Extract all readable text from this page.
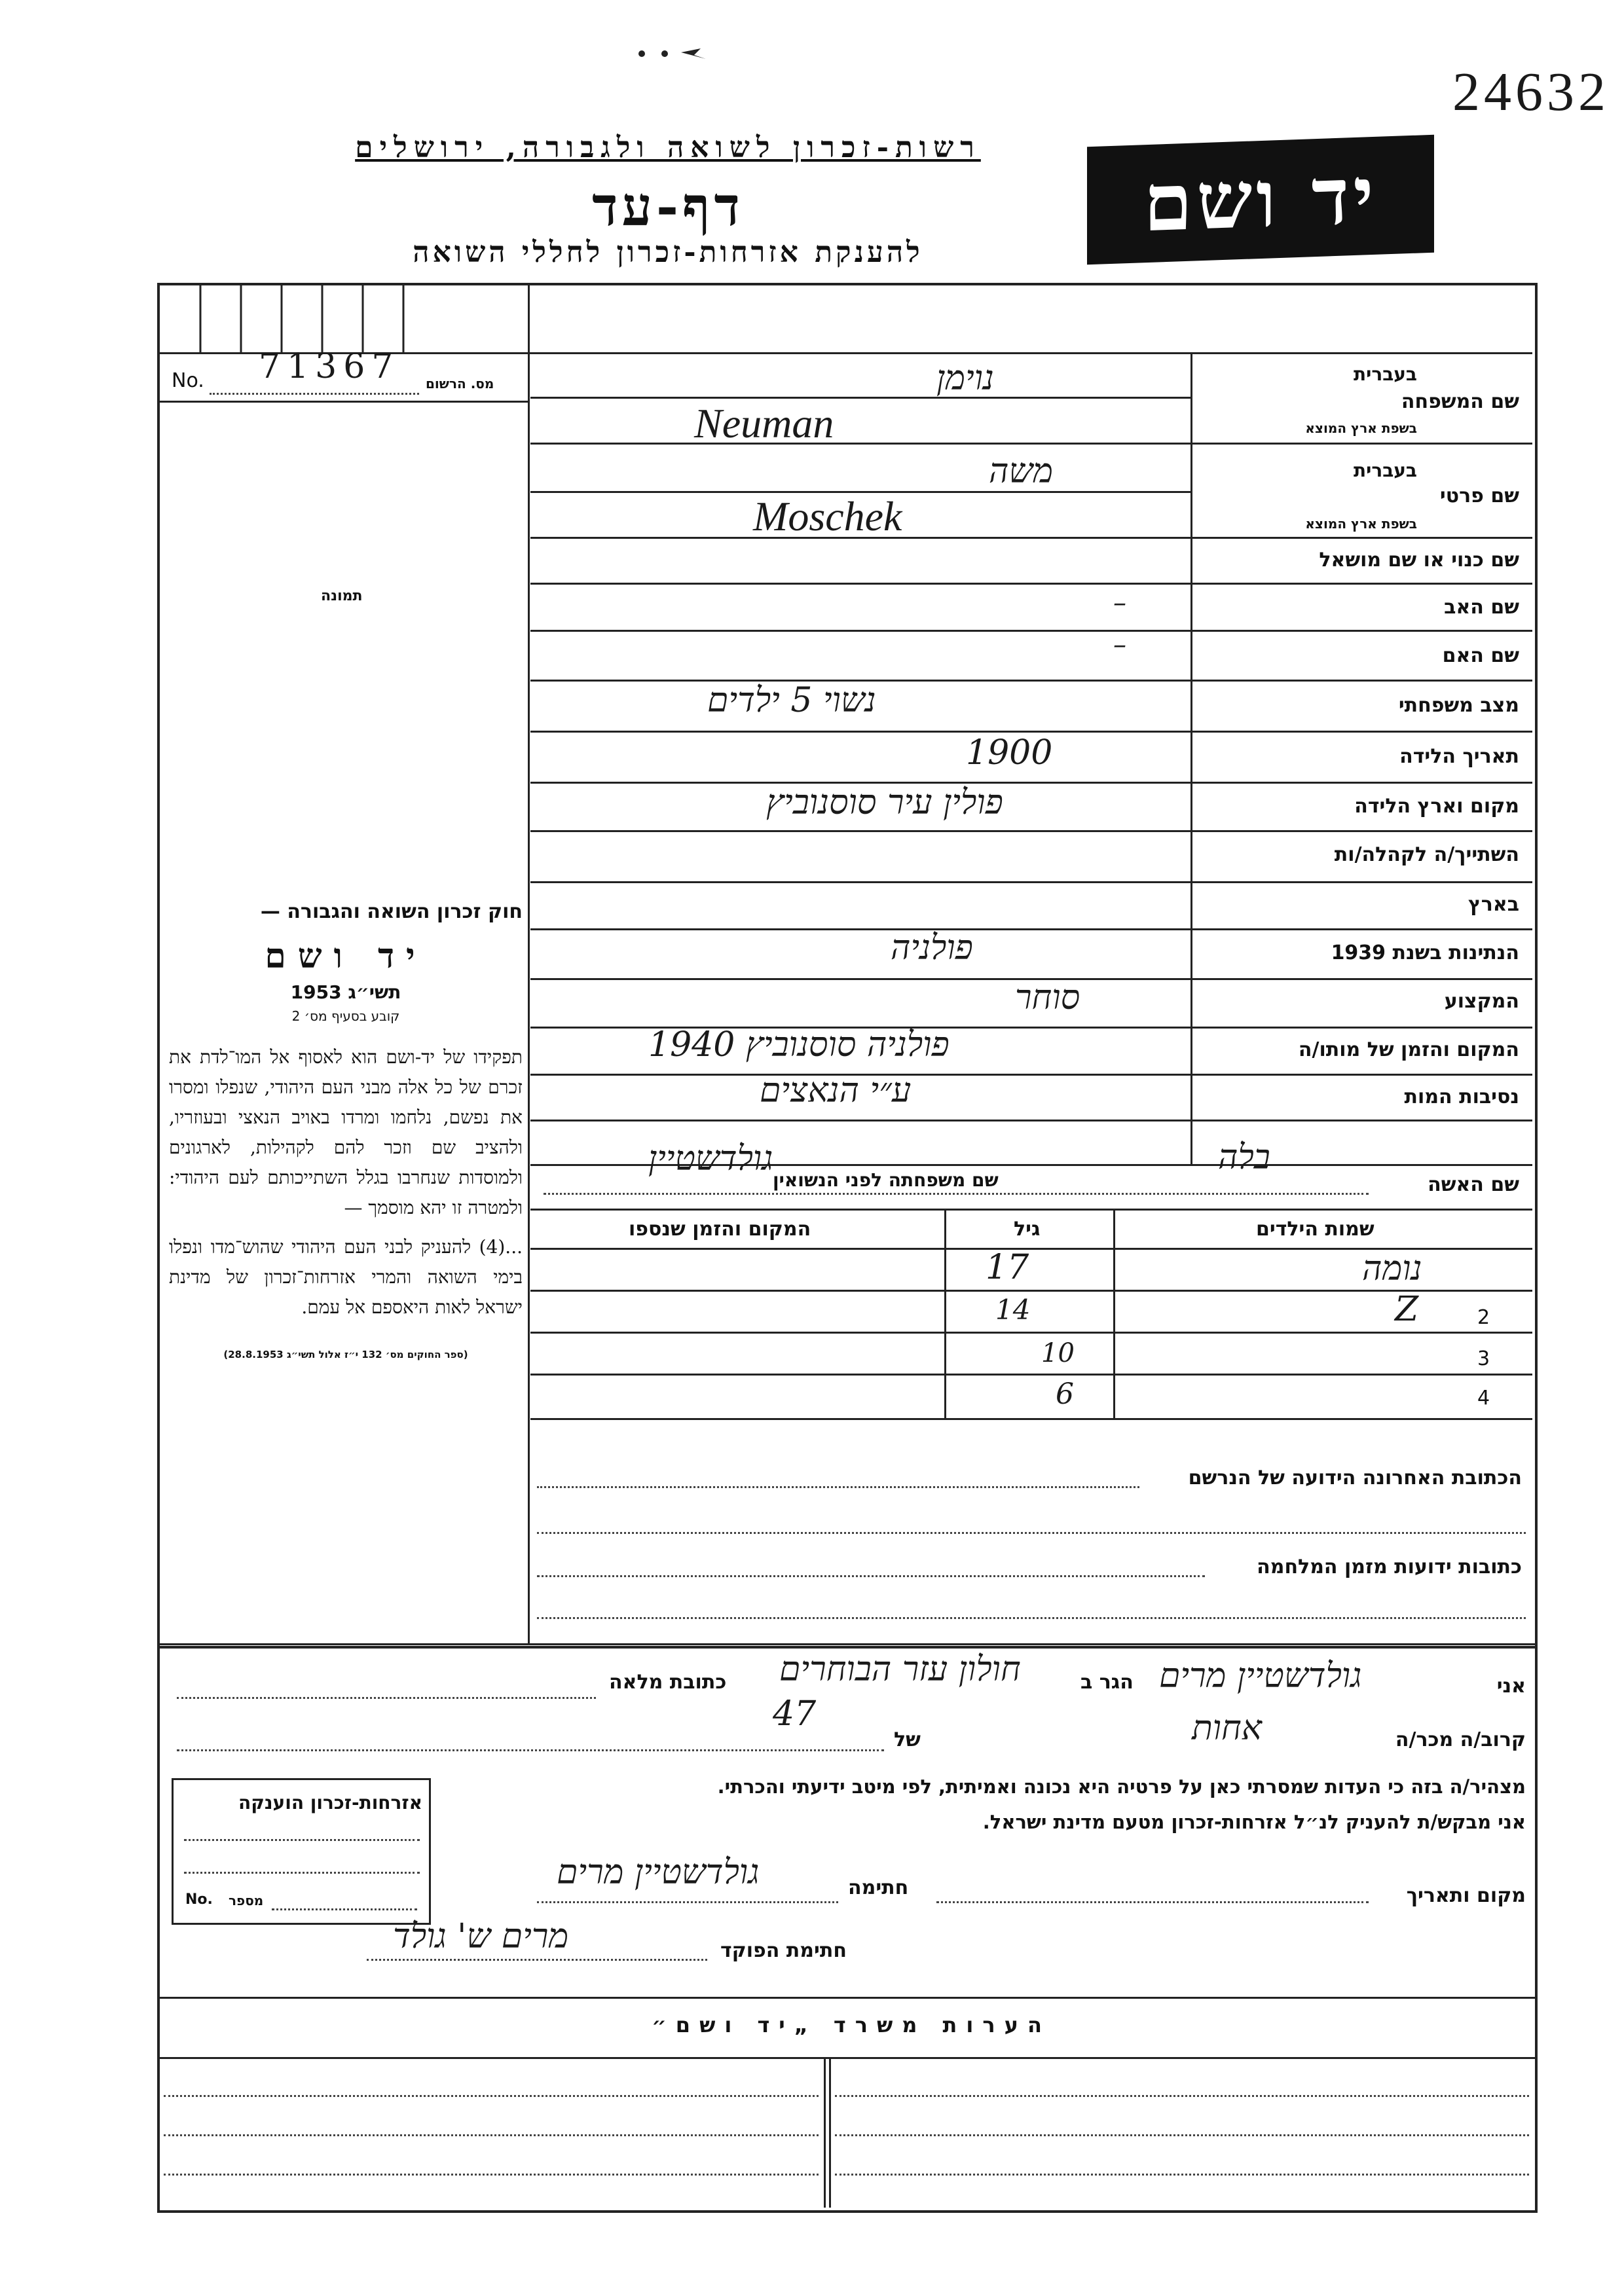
24632
רשות-זכרון לשואה ולגבורה, ירושלים
דף-עד
להענקת אזרחות-זכרון לחללי השואה
יד ושם
מס. הרשום
No. 71367
תמונה
חוק זכרון השואה והגבורה —
יד ושם
תשי״ג 1953
קובע בסעיף מס׳ 2
תפקידו של יד-ושם הוא לאסוף אל המו־לדת את זכרם של כל אלה מבני העם היהודי, שנפלו ומסרו את נפשם, נלחמו ומרדו באויב הנאצי ובעוזריו, ולהציב שם וזכר להם לקהילות, לארגונים ולמוסדות שנחרבו בגלל השתייכותם לעם היהודי: ולמטרה זו יהא מוסמך —
...(4) להעניק לבני העם היהודי שהוש־מדו ונפלו בימי השואה והמרי אזרחות־זכרון של מדינת ישראל לאות היאספם אל עמם.
(ספר החוקים מס׳ 132 י״ז אלול תשי״ג 28.8.1953)
שם המשפחה
בעברית
בשפת ארץ המוצא
נוימן
Neuman
שם פרטי
בעברית
בשפת ארץ המוצא
משה
Moschek
שם כנוי או שם מושאל
שם האב
–
שם האם
–
מצב משפחתי
נשוי 5 ילדים
תאריך הלידה
1900
מקום וארץ הלידה
פולין עיר סוסנוביץ
השתייך/ה לקהלה/ות
בארץ
הנתינות בשנת 1939
פולניה
המקצוע
סוחר
המקום והזמן של מותו/ה
פולניה סוסנוביץ 1940
נסיבות המות
ע״י הנאצים
שם האשה
בלה
שם משפחתה לפני הנשואין
גולדשטיין
שמות הילדים
גיל
המקום והזמן שנספו
נומה
17
2
Z
14
3
10
4
6
הכתובת האחרונה הידועה של הנרשם
כתובות ידועות מזמן המלחמה
אני
גולדשטיין מרים
הגר ב
חולון עזר הבוחרים
כתובת מלאה
47
קרוב/ה מכר/ה
אחות
של
מצהיר/ה בזה כי העדות שמסרתי כאן על פרטיה היא נכונה ואמיתית, לפי מיטב ידיעתי והכרתי.
אני מבקש/ת להעניק לנ״ל אזרחות-זכרון מטעם מדינת ישראל.
מקום ותאריך
חתימה
גולדשטיין מרים
חתימת הפוקד
מרים ש' גולד
אזרחות-זכרון הוענקה
מספר
No.
הערות משרד „יד ושם״
